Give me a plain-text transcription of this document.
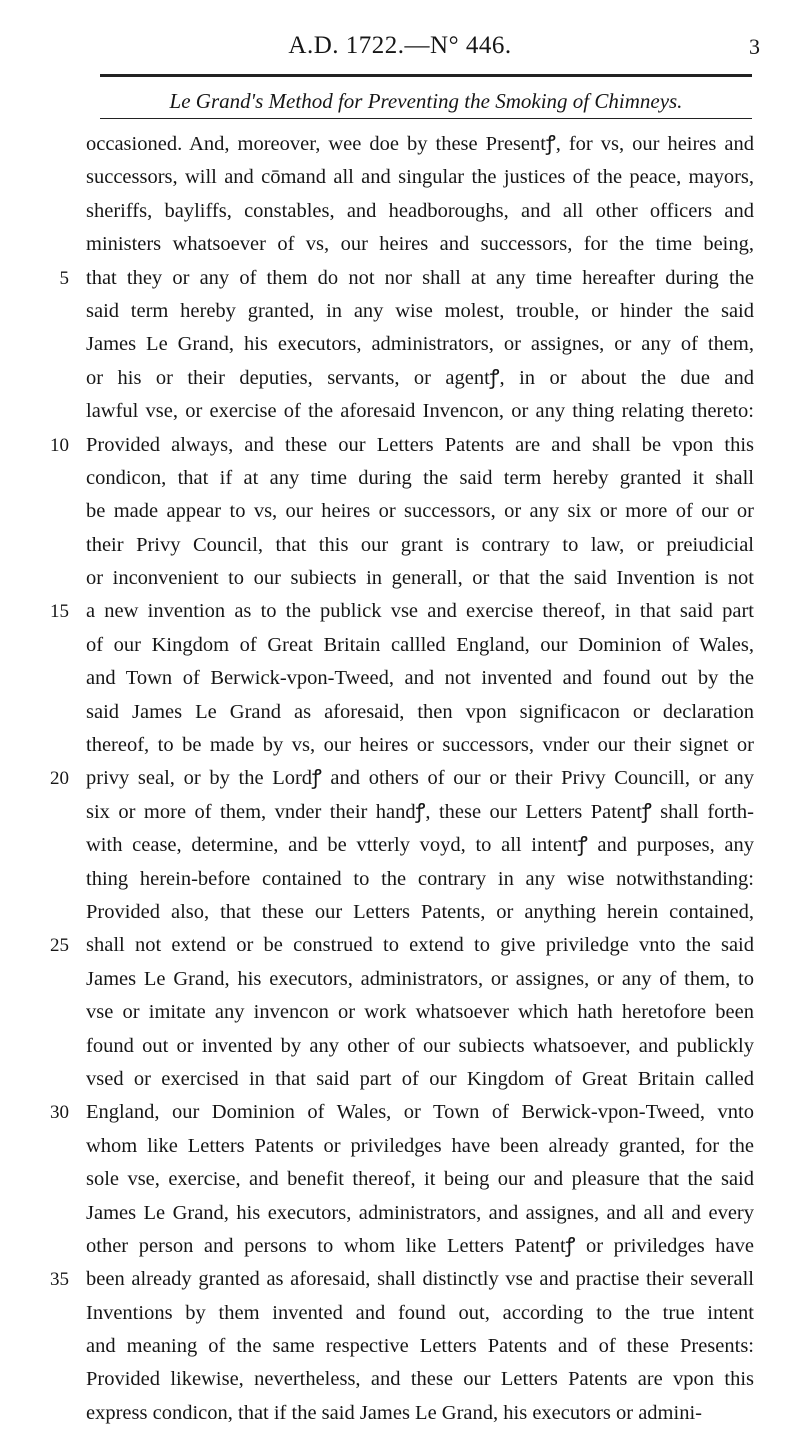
A.D. 1722.—N° 446.	3
Le Grand's Method for Preventing the Smoking of Chimneys.
occasioned. And, moreover, wee doe by these Presentꝭ, for vs, our heires and
successors, will and cōmand all and singular the justices of the peace, mayors,
sheriffs, bayliffs, constables, and headboroughs, and all other officers and
ministers whatsoever of vs, our heires and successors, for the time being,
5 that they or any of them do not nor shall at any time hereafter during the
said term hereby granted, in any wise molest, trouble, or hinder the said
James Le Grand, his executors, administrators, or assignes, or any of them,
or his or their deputies, servants, or agentꝭ, in or about the due and
lawful vse, or exercise of the aforesaid Invencon, or any thing relating thereto:
10 Provided always, and these our Letters Patents are and shall be vpon this
condicon, that if at any time during the said term hereby granted it shall
be made appear to vs, our heires or successors, or any six or more of our or
their Privy Council, that this our grant is contrary to law, or preiudicial
or inconvenient to our subiects in generall, or that the said Invention is not
15 a new invention as to the publick vse and exercise thereof, in that said part
of our Kingdom of Great Britain callled England, our Dominion of Wales,
and Town of Berwick-vpon-Tweed, and not invented and found out by the
said James Le Grand as aforesaid, then vpon significacon or declaration
thereof, to be made by vs, our heires or successors, vnder our their signet or
20 privy seal, or by the Lordꝭ and others of our or their Privy Councill, or any
six or more of them, vnder their handꝭ, these our Letters Patentꝭ shall forth-
with cease, determine, and be vtterly voyd, to all intentꝭ and purposes, any
thing herein-before contained to the contrary in any wise notwithstanding:
Provided also, that these our Letters Patents, or anything herein contained,
25 shall not extend or be construed to extend to give priviledge vnto the said
James Le Grand, his executors, administrators, or assignes, or any of them, to
vse or imitate any invencon or work whatsoever which hath heretofore been
found out or invented by any other of our subiects whatsoever, and publickly
vsed or exercised in that said part of our Kingdom of Great Britain called
30 England, our Dominion of Wales, or Town of Berwick-vpon-Tweed, vnto
whom like Letters Patents or priviledges have been already granted, for the
sole vse, exercise, and benefit thereof, it being our and pleasure that the said
James Le Grand, his executors, administrators, and assignes, and all and every
other person and persons to whom like Letters Patentꝭ or priviledges have
35 been already granted as aforesaid, shall distinctly vse and practise their severall
Inventions by them invented and found out, according to the true intent
and meaning of the same respective Letters Patents and of these Presents:
Provided likewise, nevertheless, and these our Letters Patents are vpon this
express condicon, that if the said James Le Grand, his executors or admini-
